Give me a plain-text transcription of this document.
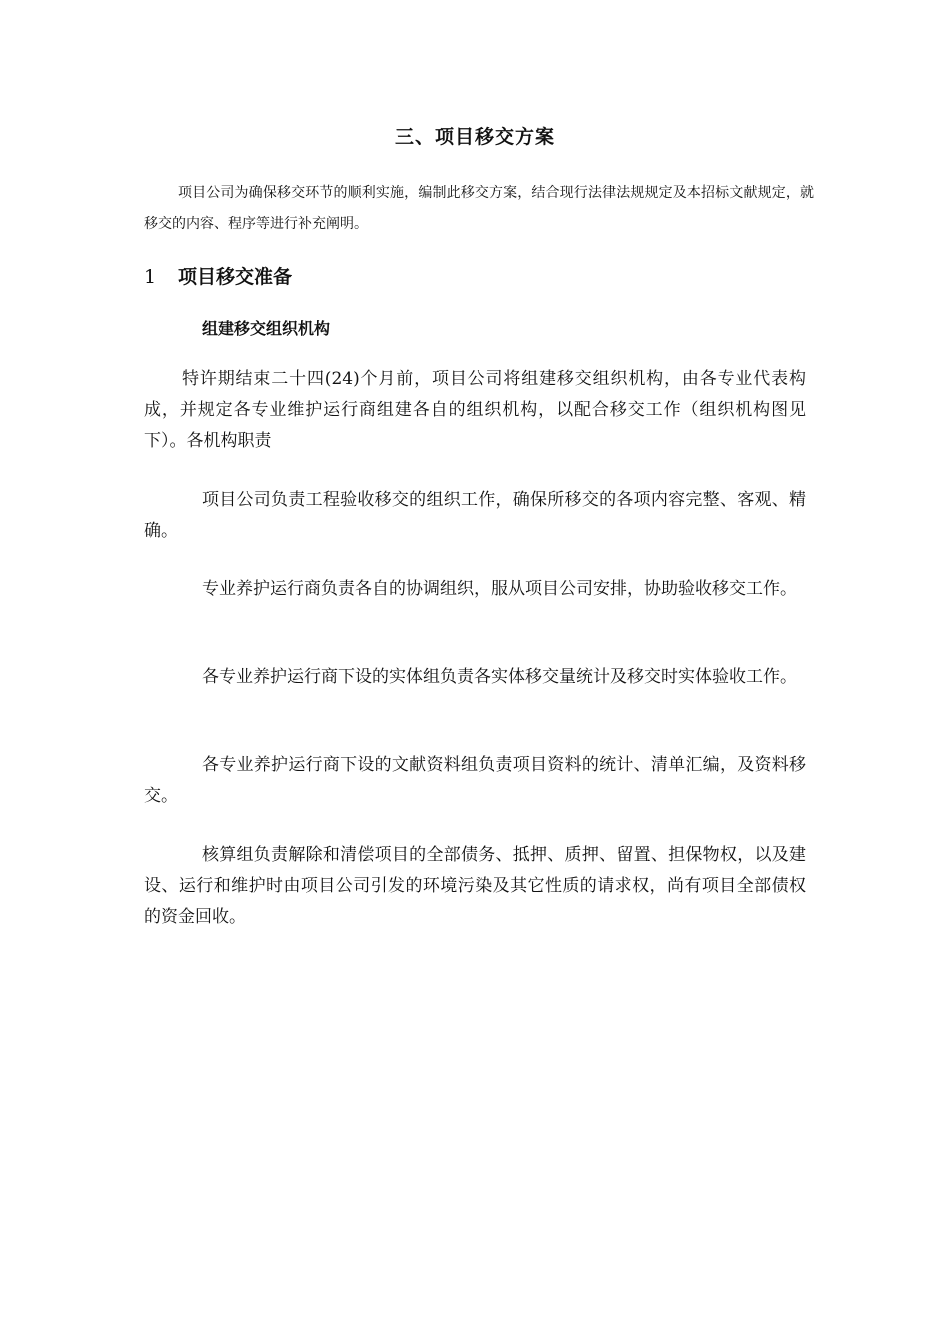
三、项目移交方案

项目公司为确保移交环节的顺利实施，编制此移交方案，结合现行法律法规规定及本招标文献规定，就移交的内容、程序等进行补充阐明。

1	项目移交准备
组建移交组织机构

特许期结束二十四(24)个月前，项目公司将组建移交组织机构，由各专业代表构成，并规定各专业维护运行商组建各自的组织机构，以配合移交工作（组织机构图见下）。各机构职责

项目公司负责工程验收移交的组织工作，确保所移交的各项内容完整、客观、精确。

专业养护运行商负责各自的协调组织，服从项目公司安排，协助验收移交工作。

各专业养护运行商下设的实体组负责各实体移交量统计及移交时实体验收工作。

各专业养护运行商下设的文献资料组负责项目资料的统计、清单汇编，及资料移交。

核算组负责解除和清偿项目的全部债务、抵押、质押、留置、担保物权，以及建设、运行和维护时由项目公司引发的环境污染及其它性质的请求权，尚有项目全部债权的资金回收。
